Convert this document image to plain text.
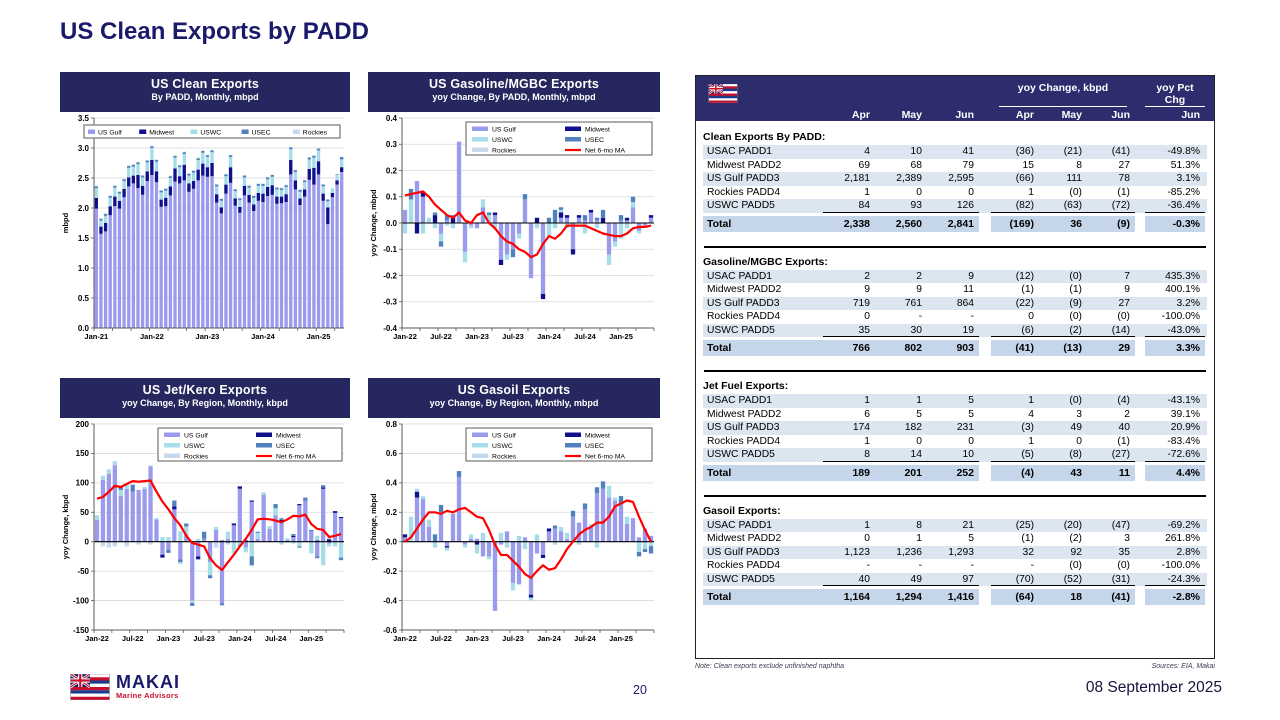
US Clean Exports by PADD
US Clean Exports
By PADD, Monthly, mbpd
0.0
0.5
1.0
1.5
2.0
2.5
3.0
3.5
Jan-21	Jan-22	Jan-23	Jan-24	Jan-25
mbpd
US Gulf	Midwest	USWC	USEC	Rockies
US Gasoline/MGBC Exports
yoy Change, By PADD, Monthly, mbpd
-0.4
-0.3
-0.2
-0.1
0.0
0.1
0.2
0.3
0.4
Jan-22 Jul-22 Jan-23 Jul-23 Jan-24 Jul-24 Jan-25
yoy Change, mbpd
US Gulf
USWC
Rockies
Midwest
USEC
Net 6-mo MA
US Jet/Kero Exports
yoy Change, By Region, Monthly, kbpd
-150
-100
-50
0
50
100
150
200
Jan-22 Jul-22 Jan-23 Jul-23 Jan-24 Jul-24 Jan-25
yoy Change, kbpd
US Gulf
USWC
Rockies
Midwest
USEC
Net 6-mo MA
US Gasoil Exports
yoy Change, By Region, Monthly, mbpd
-0.6
-0.4
-0.2
0.0
0.2
0.4
0.6
0.8
Jan-22 Jul-22 Jan-23 Jul-23 Jan-24 Jul-24 Jan-25
yoy Change, mbpd
US Gulf
USWC
Rockies
Midwest
USEC
Net 6-mo MA
yoy Change, kbpd	yoy Pct Chg
Apr	May	Jun	Apr	May	Jun	Jun
Clean Exports By PADD:
USAC PADD1	4	10	41	(36)	(21)	(41)	-49.8%
Midwest PADD2	69	68	79	15	8	27	51.3%
US Gulf PADD3	2,181	2,389	2,595	(66)	111	78	3.1%
Rockies PADD4	1	0	0	1	(0)	(1)	-85.2%
USWC PADD5	84	93	126	(82)	(63)	(72)	-36.4%
Total	2,338	2,560	2,841	(169)	36	(9)	-0.3%
Gasoline/MGBC Exports:
USAC PADD1	2	2	9	(12)	(0)	7	435.3%
Midwest PADD2	9	9	11	(1)	(1)	9	400.1%
US Gulf PADD3	719	761	864	(22)	(9)	27	3.2%
Rockies PADD4	0	-	-	0	(0)	(0)	-100.0%
USWC PADD5	35	30	19	(6)	(2)	(14)	-43.0%
Total	766	802	903	(41)	(13)	29	3.3%
Jet Fuel Exports:
USAC PADD1	1	1	5	1	(0)	(4)	-43.1%
Midwest PADD2	6	5	5	4	3	2	39.1%
US Gulf PADD3	174	182	231	(3)	49	40	20.9%
Rockies PADD4	1	0	0	1	0	(1)	-83.4%
USWC PADD5	8	14	10	(5)	(8)	(27)	-72.6%
Total	189	201	252	(4)	43	11	4.4%
Gasoil Exports:
USAC PADD1	1	8	21	(25)	(20)	(47)	-69.2%
Midwest PADD2	0	1	5	(1)	(2)	3	261.8%
US Gulf PADD3	1,123	1,236	1,293	32	92	35	2.8%
Rockies PADD4	-	-	-	-	(0)	(0)	-100.0%
USWC PADD5	40	49	97	(70)	(52)	(31)	-24.3%
Total	1,164	1,294	1,416	(64)	18	(41)	-2.8%
Note: Clean exports exclude unfinished naphtha	Sources: EIA, Makai
MAKAI
Marine Advisors	20	08 September 2025
